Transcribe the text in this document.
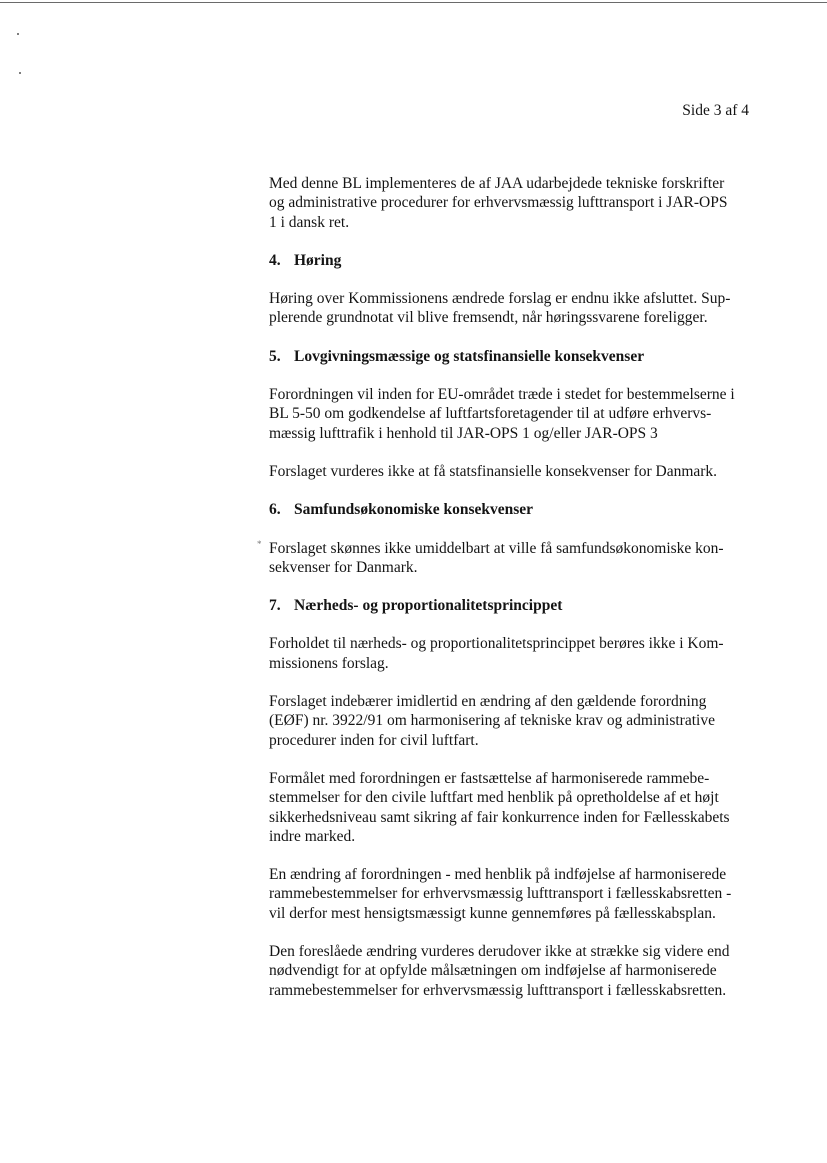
Side 3 af 4

Med denne BL implementeres de af JAA udarbejdede tekniske forskrifter
og administrative procedurer for erhvervsmæssig lufttransport i JAR-OPS
1 i dansk ret.

4. Høring

Høring over Kommissionens ændrede forslag er endnu ikke afsluttet. Sup-
plerende grundnotat vil blive fremsendt, når høringssvarene foreligger.

5. Lovgivningsmæssige og statsfinansielle konsekvenser

Forordningen vil inden for EU-området træde i stedet for bestemmelserne i
BL 5-50 om godkendelse af luftfartsforetagender til at udføre erhvervs-
mæssig lufttrafik i henhold til JAR-OPS 1 og/eller JAR-OPS 3

Forslaget vurderes ikke at få statsfinansielle konsekvenser for Danmark.

6. Samfundsøkonomiske konsekvenser

* Forslaget skønnes ikke umiddelbart at ville få samfundsøkonomiske kon-
sekvenser for Danmark.

7. Nærheds- og proportionalitetsprincippet

Forholdet til nærheds- og proportionalitetsprincippet berøres ikke i Kom-
missionens forslag.

Forslaget indebærer imidlertid en ændring af den gældende forordning
(EØF) nr. 3922/91 om harmonisering af tekniske krav og administrative
procedurer inden for civil luftfart.

Formålet med forordningen er fastsættelse af harmoniserede rammebe-
stemmelser for den civile luftfart med henblik på opretholdelse af et højt
sikkerhedsniveau samt sikring af fair konkurrence inden for Fællesskabets
indre marked.

En ændring af forordningen - med henblik på indføjelse af harmoniserede
rammebestemmelser for erhvervsmæssig lufttransport i fællesskabsretten -
vil derfor mest hensigtsmæssigt kunne gennemføres på fællesskabsplan.

Den foreslåede ændring vurderes derudover ikke at strække sig videre end
nødvendigt for at opfylde målsætningen om indføjelse af harmoniserede
rammebestemmelser for erhvervsmæssig lufttransport i fællesskabsretten.
